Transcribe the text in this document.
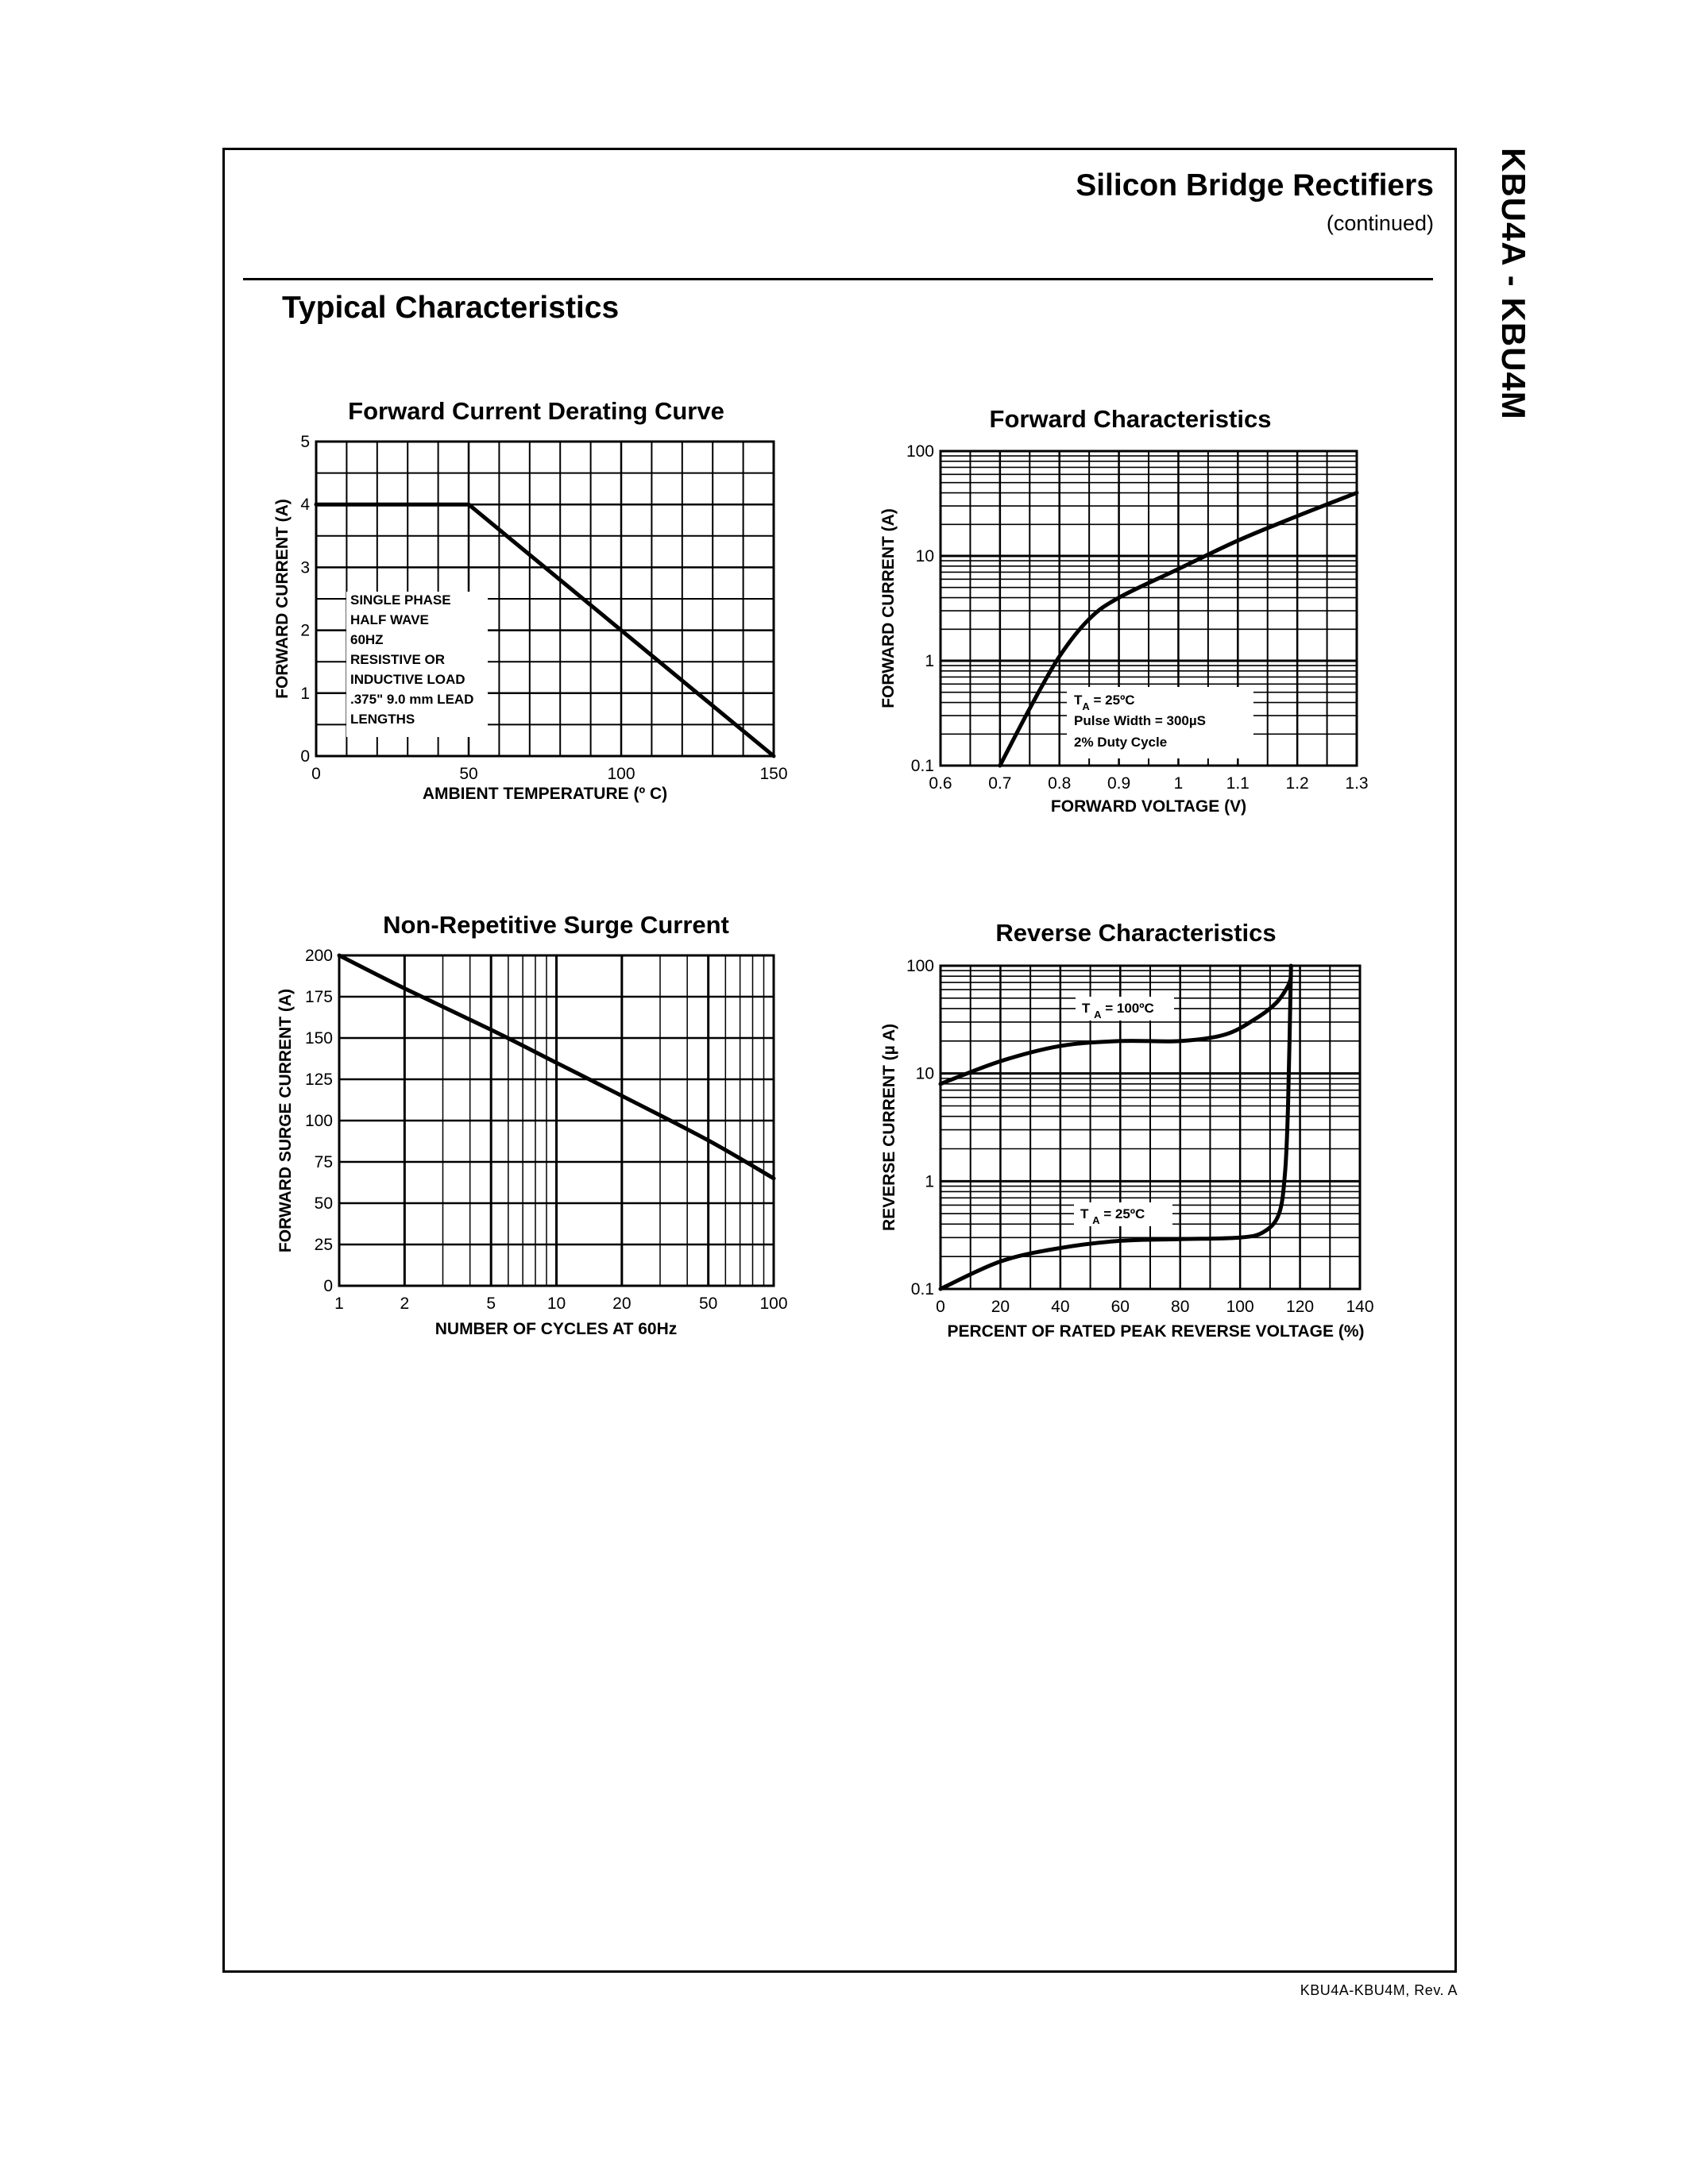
KBU4A - KBU4M
Silicon Bridge Rectifiers
(continued)
Typical Characteristics
KBU4A-KBU4M, Rev. A
Forward Current Derating Curve
0	50	100	150
0
1
2
3
4
5
AMBIENT TEMPERATURE (º C)
FORWARD CURRENT (A)	SINGLE PHASE
HALF WAVE
60HZ
RESISTIVE OR
INDUCTIVE LOAD
.375" 9.0 mm LEAD
LENGTHS
Forward Characteristics
0.6 0.7 0.8 0.9	1	1.1 1.2 1.3
0.1
1
10
100
FORWARD VOLTAGE (V)
FORWARD CURRENT (A)	$T_A$ = 25ºC
Pulse Width = 300µS
2% Duty Cycle
Non-Repetitive Surge Current
1	2	5	10	20	50	100
0
25
50
75
100
125
150
175
200
NUMBER OF CYCLES AT 60Hz
FORWARD SURGE CURRENT (A)
Reverse Characteristics
0	20 40 60 80 100 120 140
0.1
1
10
100
PERCENT OF RATED PEAK REVERSE VOLTAGE (%)
REVERSE CURRENT (µ A)
T $_A$ = 100ºC
T $_A$ = 25ºC
